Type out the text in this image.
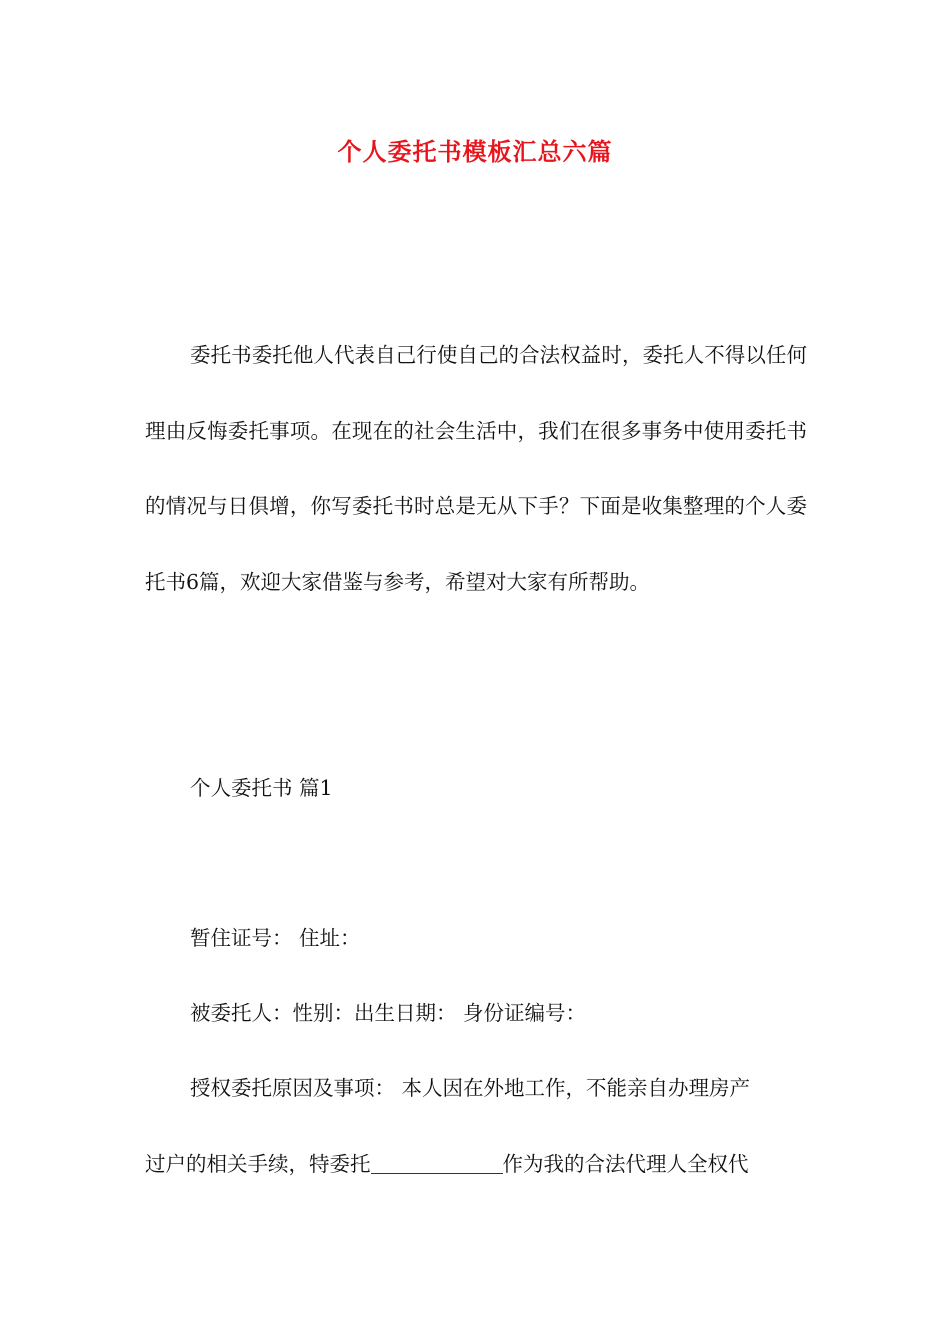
个人委托书模板汇总六篇

委托书委托他人代表自己行使自己的合法权益时，委托人不得以任何理由反悔委托事项。在现在的社会生活中，我们在很多事务中使用委托书的情况与日俱增，你写委托书时总是无从下手？下面是收集整理的个人委托书6篇，欢迎大家借鉴与参考，希望对大家有所帮助。

个人委托书 篇1

暂住证号： 住址：

被委托人：性别：出生日期： 身份证编号：

授权委托原因及事项： 本人因在外地工作，不能亲自办理房产

过户的相关手续，特委托	作为我的合法代理人全权代
